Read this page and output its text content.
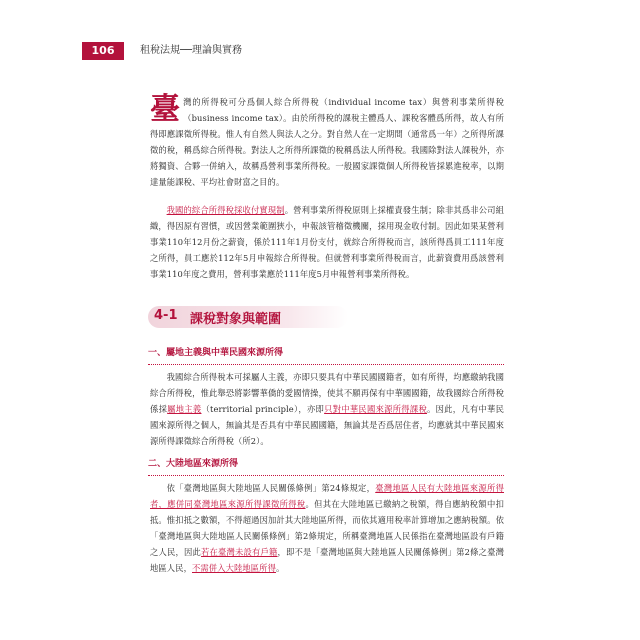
106	租稅法規──理論與實務

臺灣的所得稅可分爲個人綜合所得稅（individual income tax）與營利事業所得稅（business income tax）。由於所得稅的課稅主體爲人、課稅客體爲所得，故人有所得即應課徵所得稅。惟人有自然人與法人之分。對自然人在一定期間（通常爲一年）之所得所課徵的稅，稱爲綜合所得稅。對法人之所得所課徵的稅稱爲法人所得稅。我國除對法人課稅外，亦將獨資、合夥一併納入，故稱爲營利事業所得稅。一般國家課徵個人所得稅皆採累進稅率，以期達量能課稅、平均社會財富之目的。

我國的綜合所得稅採收付實現制。營利事業所得稅原則上採權責發生制；除非其爲非公司組織，得因原有習慣，或因營業範圍狹小，申報該管稽徵機關，採用現金收付制。因此如果某營利事業110年12月份之薪資，係於111年1月份支付，就綜合所得稅而言，該所得爲員工111年度之所得，員工應於112年5月申報綜合所得稅。但就營利事業所得稅而言，此薪資費用爲該營利事業110年度之費用，營利事業應於111年度5月申報營利事業所得稅。

4-1 課稅對象與範圍
一、屬地主義與中華民國來源所得

我國綜合所得稅本可採屬人主義，亦即只要具有中華民國國籍者，如有所得，均應繳納我國綜合所得稅，惟此舉恐將影響華僑的愛國情操，使其不願再保有中華國國籍，故我國綜合所得稅係採屬地主義（territorial principle），亦即只對中華民國來源所得課稅。因此，凡有中華民國來源所得之個人，無論其是否具有中華民國國籍，無論其是否爲居住者，均應就其中華民國來源所得課徵綜合所得稅（所2）。

二、大陸地區來源所得

依「臺灣地區與大陸地區人民關係條例」第24條規定，臺灣地區人民有大陸地區來源所得者，應併同臺灣地區來源所得課徵所得稅。但其在大陸地區已繳納之稅額，得自應納稅額中扣抵。惟扣抵之數額，不得超過因加計其大陸地區所得，而依其適用稅率計算增加之應納稅額。依「臺灣地區與大陸地區人民關係條例」第2條規定，所稱臺灣地區人民係指在臺灣地區設有戶籍之人民，因此若在臺灣未設有戶籍，即不是「臺灣地區與大陸地區人民關係條例」第2條之臺灣地區人民，不需併入大陸地區所得。
